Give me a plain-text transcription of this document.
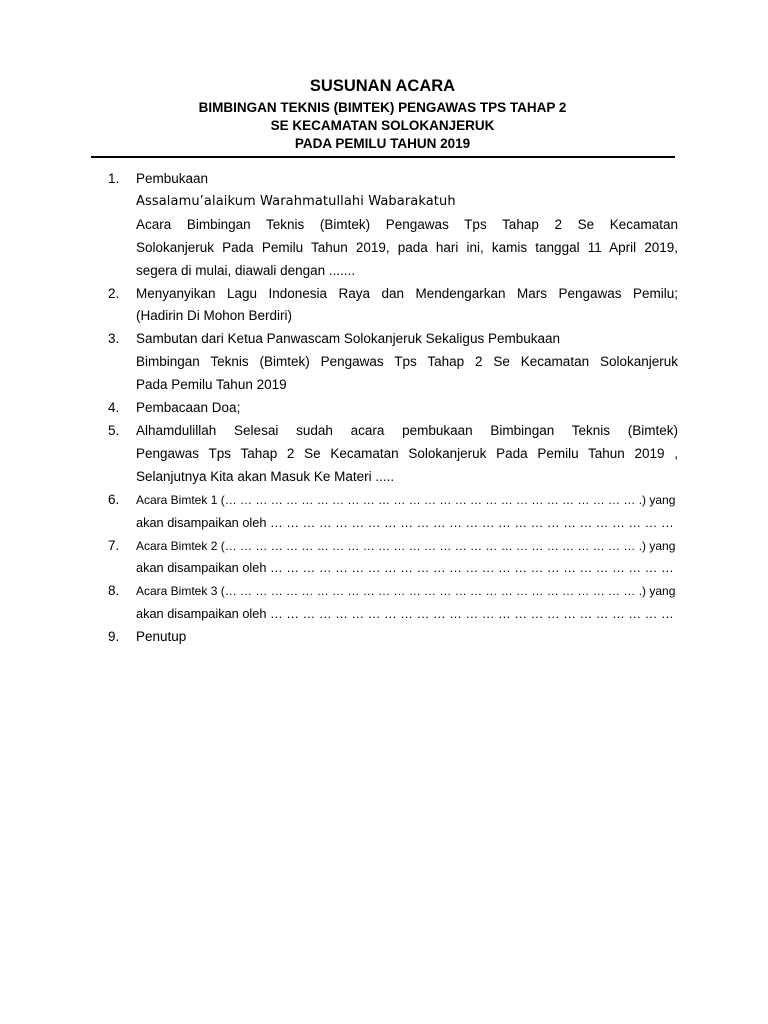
SUSUNAN ACARA
BIMBINGAN TEKNIS (BIMTEK) PENGAWAS TPS TAHAP 2
SE KECAMATAN SOLOKANJERUK
PADA PEMILU TAHUN 2019
1.	Pembukaan
Assalamu’alaikum Warahmatullahi Wabarakatuh
Acara Bimbingan Teknis (Bimtek) Pengawas Tps Tahap 2 Se Kecamatan
Solokanjeruk Pada Pemilu Tahun 2019, pada hari ini, kamis tanggal 11 April 2019,
segera di mulai, diawali dengan .......
2.	Menyanyikan Lagu Indonesia Raya dan Mendengarkan Mars Pengawas Pemilu;
(Hadirin Di Mohon Berdiri)
3.	Sambutan dari Ketua Panwascam Solokanjeruk Sekaligus Pembukaan
Bimbingan Teknis (Bimtek) Pengawas Tps Tahap 2 Se Kecamatan Solokanjeruk
Pada Pemilu Tahun 2019
4.	Pembacaan Doa;
5.	Alhamdulillah Selesai sudah acara pembukaan Bimbingan Teknis (Bimtek)
Pengawas Tps Tahap 2 Se Kecamatan Solokanjeruk Pada Pemilu Tahun 2019 ,
Selanjutnya Kita akan Masuk Ke Materi .....
6.	Acara Bimtek 1 (… … … … … … … … … … … … … … … … … … … … … … … … … … … .) yang
akan disampaikan oleh … … … … … … … … … … … … … … … … … … … … … … … … …
7.	Acara Bimtek 2 (… … … … … … … … … … … … … … … … … … … … … … … … … … … .) yang
akan disampaikan oleh … … … … … … … … … … … … … … … … … … … … … … … … …
8.	Acara Bimtek 3 (… … … … … … … … … … … … … … … … … … … … … … … … … … … .) yang
akan disampaikan oleh … … … … … … … … … … … … … … … … … … … … … … … … …
9.	Penutup
